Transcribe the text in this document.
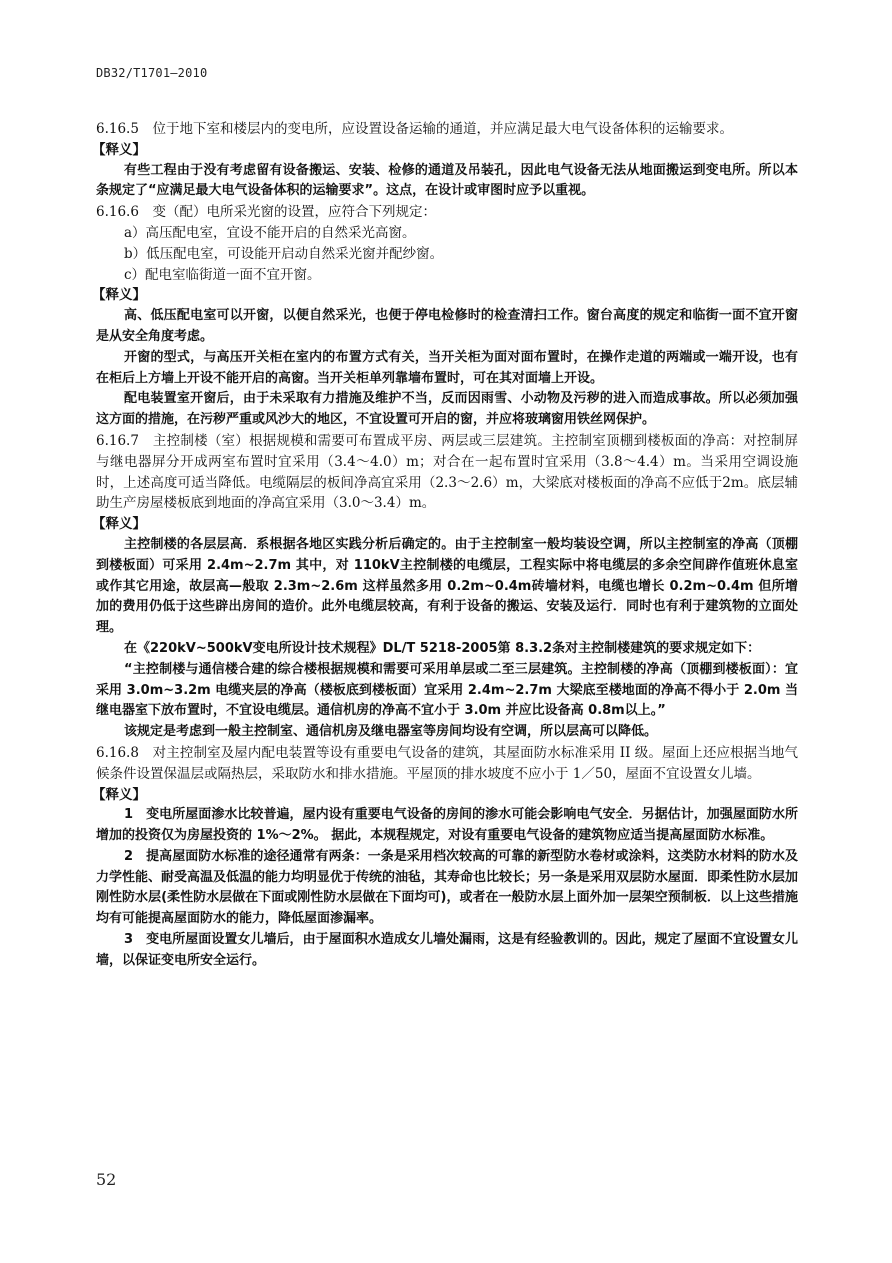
DB32/T1701—2010

6.16.5　位于地下室和楼层内的变电所，应设置设备运输的通道，并应满足最大电气设备体积的运输要求。

【释义】

有些工程由于没有考虑留有设备搬运、安装、检修的通道及吊装孔，因此电气设备无法从地面搬运到变电所。所以本条规定了“应满足最大电气设备体积的运输要求”。这点，在设计或审图时应予以重视。

6.16.6　变（配）电所采光窗的设置，应符合下列规定：

a）高压配电室，宜设不能开启的自然采光高窗。

b）低压配电室，可设能开启动自然采光窗并配纱窗。

c）配电室临街道一面不宜开窗。

【释义】

高、低压配电室可以开窗，以便自然采光，也便于停电检修时的检查清扫工作。窗台高度的规定和临街一面不宜开窗是从安全角度考虑。

开窗的型式，与高压开关柜在室内的布置方式有关，当开关柜为面对面布置时，在操作走道的两端或一端开设，也有在柜后上方墙上开设不能开启的高窗。当开关柜单列靠墙布置时，可在其对面墙上开设。

配电装置室开窗后，由于未采取有力措施及维护不当，反而因雨雪、小动物及污秽的进入而造成事故。所以必须加强这方面的措施，在污秽严重或风沙大的地区，不宜设置可开启的窗，并应将玻璃窗用铁丝网保护。

6.16.7　主控制楼（室）根据规模和需要可布置成平房、两层或三层建筑。主控制室顶棚到楼板面的净高：对控制屏与继电器屏分开成两室布置时宜采用（3.4～4.0）m；对合在一起布置时宜采用（3.8～4.4）m。当采用空调设施时，上述高度可适当降低。电缆隔层的板间净高宜采用（2.3～2.6）m，大梁底对楼板面的净高不应低于2m。底层辅助生产房屋楼板底到地面的净高宜采用（3.0～3.4）m。

【释义】

主控制楼的各层层高．系根据各地区实践分析后确定的。由于主控制室一般均装设空调，所以主控制室的净高（顶棚到楼板面）可采用 2.4m~2.7m 其中，对 110kV主控制楼的电缆层，工程实际中将电缆层的多余空间辟作值班休息室或作其它用途，故层高—般取 2.3m~2.6m 这样虽然多用 0.2m~0.4m砖墙材料，电缆也增长 0.2m~0.4m 但所增加的费用仍低于这些辟出房间的造价。此外电缆层较高，有利于设备的搬运、安装及运行．同时也有利于建筑物的立面处理。

在《220kV~500kV变电所设计技术规程》DL/T 5218-2005第 8.3.2条对主控制楼建筑的要求规定如下：

“主控制楼与通信楼合建的综合楼根据规模和需要可采用单层或二至三层建筑。主控制楼的净高（顶棚到楼板面）：宜采用 3.0m~3.2m 电缆夹层的净高（楼板底到楼板面）宜采用 2.4m~2.7m 大梁底至楼地面的净高不得小于 2.0m 当继电器室下放布置时，不宜设电缆层。通信机房的净高不宜小于 3.0m 并应比设备高 0.8m以上。”

该规定是考虑到一般主控制室、通信机房及继电器室等房间均设有空调，所以层高可以降低。

6.16.8　对主控制室及屋内配电装置等设有重要电气设备的建筑，其屋面防水标准采用 II 级。屋面上还应根据当地气候条件设置保温层或隔热层，采取防水和排水措施。平屋顶的排水坡度不应小于 1／50，屋面不宜设置女儿墙。

【释义】

1　变电所屋面渗水比较普遍，屋内设有重要电气设备的房间的渗水可能会影响电气安全．另据估计，加强屋面防水所增加的投资仅为房屋投资的 1%～2%。 据此，本规程规定，对设有重要电气设备的建筑物应适当提高屋面防水标准。

2　提高屋面防水标准的途径通常有两条：一条是采用档次较高的可靠的新型防水卷材或涂料，这类防水材料的防水及力学性能、耐受高温及低温的能力均明显优于传统的油毡，其寿命也比较长；另一条是采用双层防水屋面．即柔性防水层加刚性防水层(柔性防水层做在下面或刚性防水层做在下面均可)，或者在一般防水层上面外加一层架空预制板．以上这些措施均有可能提高屋面防水的能力，降低屋面渗漏率。

3　变电所屋面设置女儿墙后，由于屋面积水造成女儿墙处漏雨，这是有经验教训的。因此，规定了屋面不宜设置女儿墙，以保证变电所安全运行。

52
